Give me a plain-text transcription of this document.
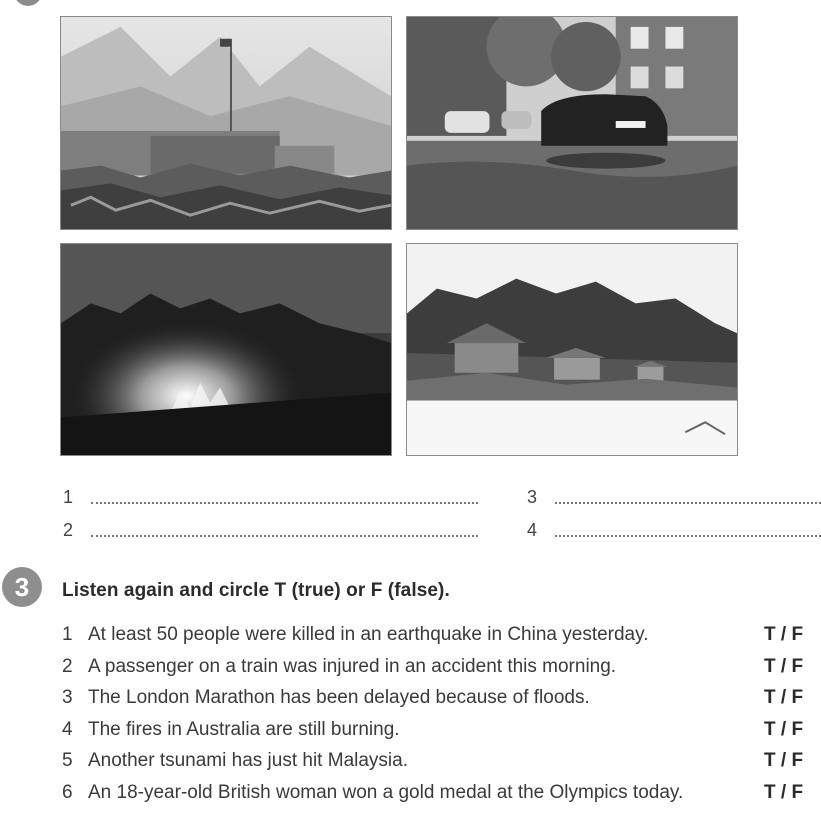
1
2
3
4
3	Listen again and circle T (true) or F (false).
1 At least 50 people were killed in an earthquake in China yesterday.	T / F
2 A passenger on a train was injured in an accident this morning.	T / F
3 The London Marathon has been delayed because of floods.	T / F
4 The fires in Australia are still burning.	T / F
5 Another tsunami has just hit Malaysia.	T / F
6 An 18-year-old British woman won a gold medal at the Olympics today.	T / F
